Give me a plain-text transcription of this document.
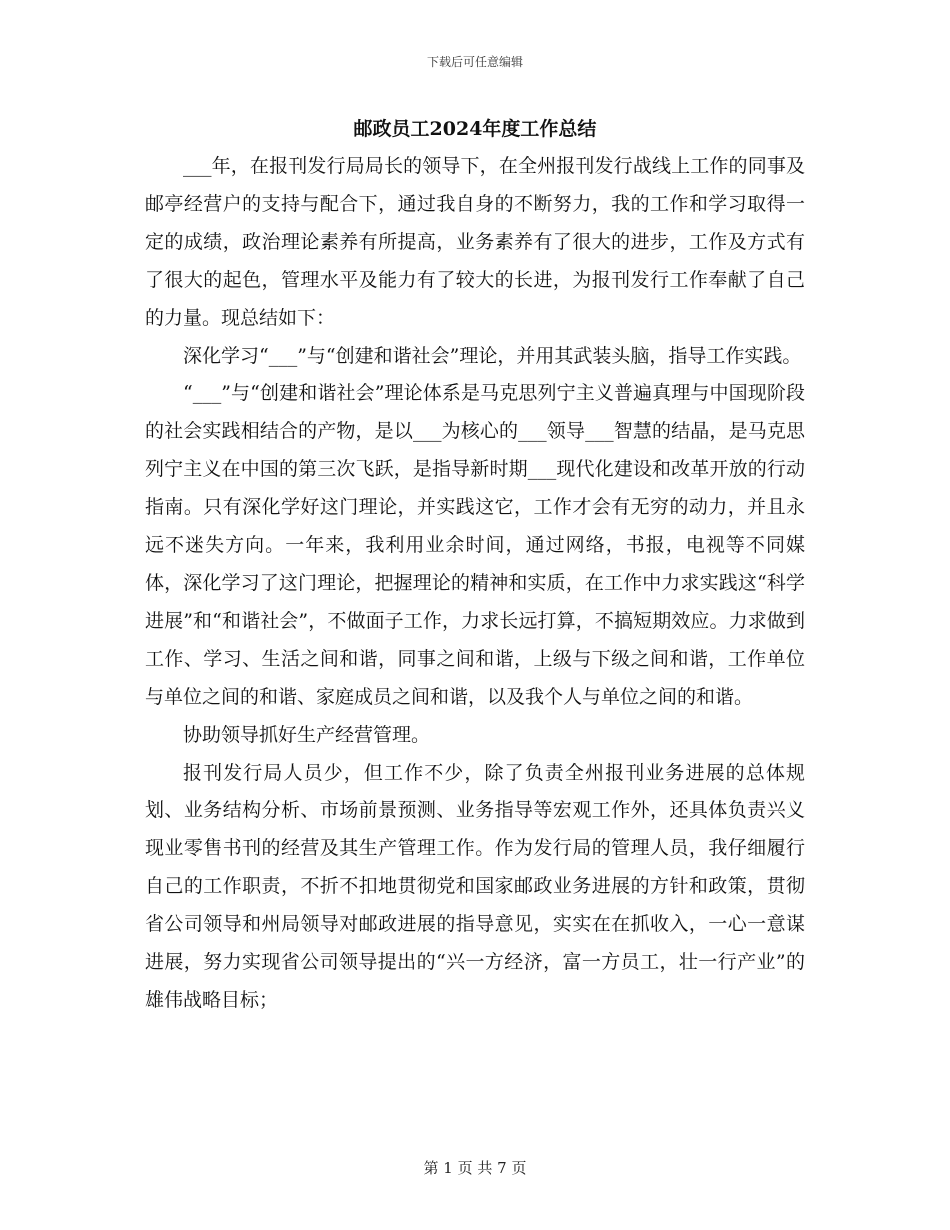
下载后可任意编辑
邮政员工2024年度工作总结

___年，在报刊发行局局长的领导下，在全州报刊发行战线上工作的同事及邮亭经营户的支持与配合下，通过我自身的不断努力，我的工作和学习取得一定的成绩，政治理论素养有所提高，业务素养有了很大的进步，工作及方式有了很大的起色，管理水平及能力有了较大的长进，为报刊发行工作奉献了自己的力量。现总结如下：

深化学习“___”与“创建和谐社会”理论，并用其武装头脑，指导工作实践。

“___”与“创建和谐社会”理论体系是马克思列宁主义普遍真理与中国现阶段的社会实践相结合的产物，是以___为核心的___领导___智慧的结晶，是马克思列宁主义在中国的第三次飞跃，是指导新时期___现代化建设和改革开放的行动指南。只有深化学好这门理论，并实践这它，工作才会有无穷的动力，并且永远不迷失方向。一年来，我利用业余时间，通过网络，书报，电视等不同媒体，深化学习了这门理论，把握理论的精神和实质，在工作中力求实践这“科学进展”和“和谐社会”，不做面子工作，力求长远打算，不搞短期效应。力求做到工作、学习、生活之间和谐，同事之间和谐，上级与下级之间和谐，工作单位与单位之间的和谐、家庭成员之间和谐，以及我个人与单位之间的和谐。

协助领导抓好生产经营管理。

报刊发行局人员少，但工作不少，除了负责全州报刊业务进展的总体规划、业务结构分析、市场前景预测、业务指导等宏观工作外，还具体负责兴义现业零售书刊的经营及其生产管理工作。作为发行局的管理人员，我仔细履行自己的工作职责，不折不扣地贯彻党和国家邮政业务进展的方针和政策，贯彻省公司领导和州局领导对邮政进展的指导意见，实实在在抓收入，一心一意谋进展，努力实现省公司领导提出的“兴一方经济，富一方员工，壮一行产业”的雄伟战略目标；

第 1 页 共 7 页
